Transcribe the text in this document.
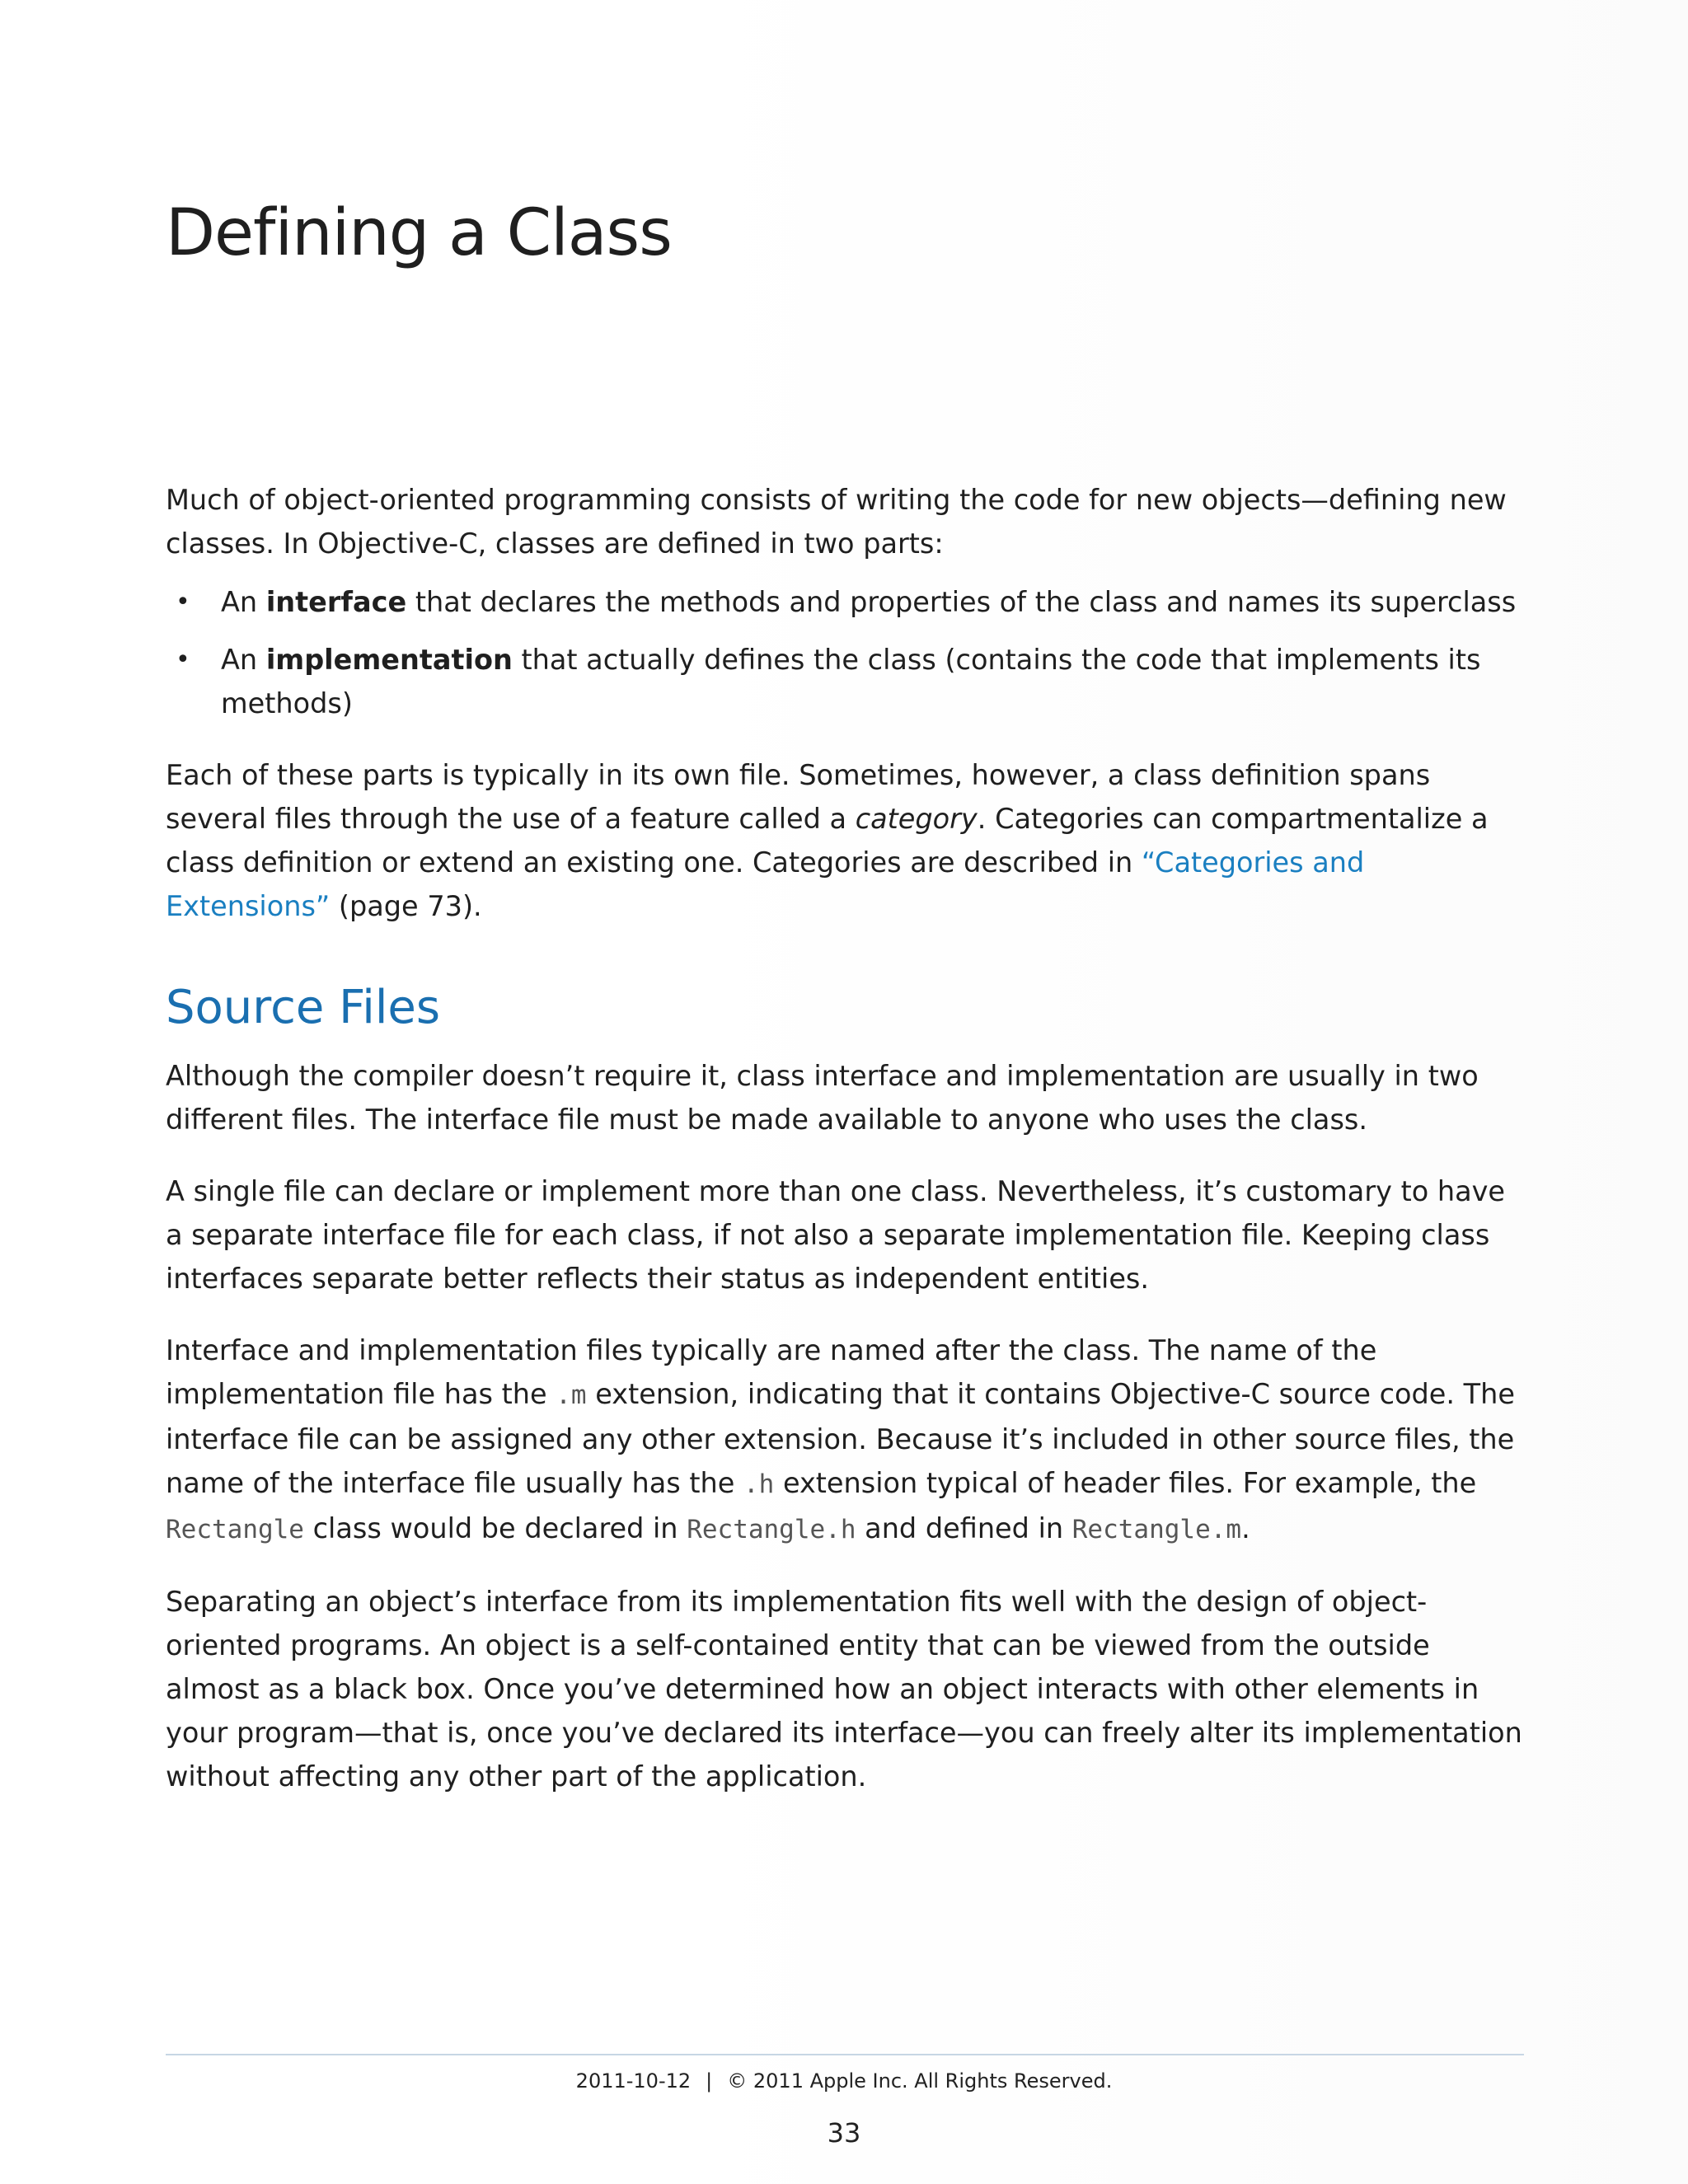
Defining a Class

Much of object-oriented programming consists of writing the code for new objects—defining new classes. In Objective-C, classes are defined in two parts:

• An interface that declares the methods and properties of the class and names its superclass
• An implementation that actually defines the class (contains the code that implements its methods)

Each of these parts is typically in its own file. Sometimes, however, a class definition spans several files through the use of a feature called a category. Categories can compartmentalize a class definition or extend an existing one. Categories are described in “Categories and Extensions” (page 73).

Source Files

Although the compiler doesn’t require it, class interface and implementation are usually in two different files. The interface file must be made available to anyone who uses the class.

A single file can declare or implement more than one class. Nevertheless, it’s customary to have a separate interface file for each class, if not also a separate implementation file. Keeping class interfaces separate better reflects their status as independent entities.

Interface and implementation files typically are named after the class. The name of the implementation file has the .m extension, indicating that it contains Objective-C source code. The interface file can be assigned any other extension. Because it’s included in other source files, the name of the interface file usually has the .h extension typical of header files. For example, the Rectangle class would be declared in Rectangle.h and defined in Rectangle.m.

Separating an object’s interface from its implementation fits well with the design of object-oriented programs. An object is a self-contained entity that can be viewed from the outside almost as a black box. Once you’ve determined how an object interacts with other elements in your program—that is, once you’ve declared its interface—you can freely alter its implementation without affecting any other part of the application.

2011-10-12 | © 2011 Apple Inc. All Rights Reserved.
33
